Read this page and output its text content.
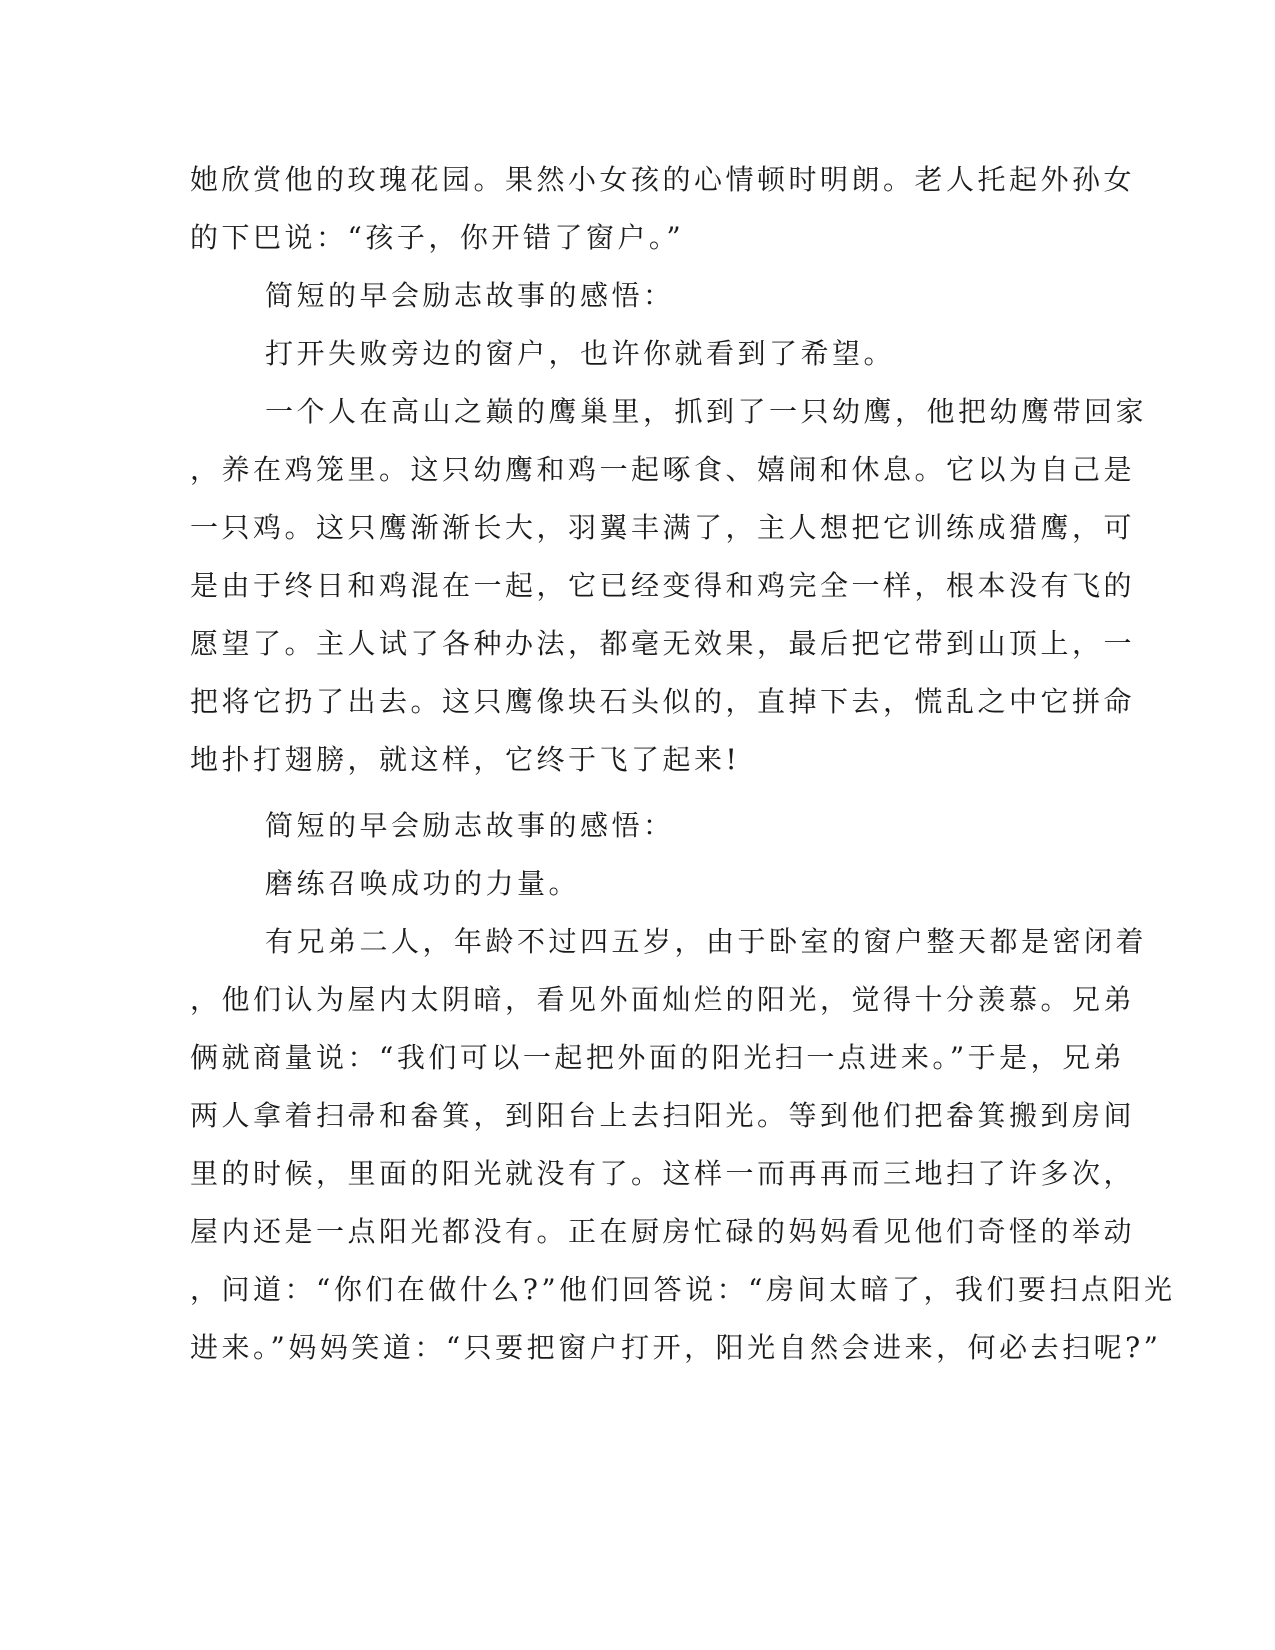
她欣赏他的玫瑰花园。果然小女孩的心情顿时明朗。老人托起外孙女
的下巴说：“孩子，你开错了窗户。”
简短的早会励志故事的感悟：
打开失败旁边的窗户，也许你就看到了希望。
一个人在高山之巅的鹰巢里，抓到了一只幼鹰，他把幼鹰带回家
，养在鸡笼里。这只幼鹰和鸡一起啄食、嬉闹和休息。它以为自己是
一只鸡。这只鹰渐渐长大，羽翼丰满了，主人想把它训练成猎鹰，可
是由于终日和鸡混在一起，它已经变得和鸡完全一样，根本没有飞的
愿望了。主人试了各种办法，都毫无效果，最后把它带到山顶上，一
把将它扔了出去。这只鹰像块石头似的，直掉下去，慌乱之中它拼命
地扑打翅膀，就这样，它终于飞了起来!
简短的早会励志故事的感悟：
磨练召唤成功的力量。
有兄弟二人，年龄不过四五岁，由于卧室的窗户整天都是密闭着
，他们认为屋内太阴暗，看见外面灿烂的阳光，觉得十分羡慕。兄弟
俩就商量说：“我们可以一起把外面的阳光扫一点进来。”于是，兄弟
两人拿着扫帚和畚箕，到阳台上去扫阳光。等到他们把畚箕搬到房间
里的时候，里面的阳光就没有了。这样一而再再而三地扫了许多次，
屋内还是一点阳光都没有。正在厨房忙碌的妈妈看见他们奇怪的举动
，问道：“你们在做什么?”他们回答说：“房间太暗了，我们要扫点阳光
进来。”妈妈笑道：“只要把窗户打开，阳光自然会进来，何必去扫呢?”
